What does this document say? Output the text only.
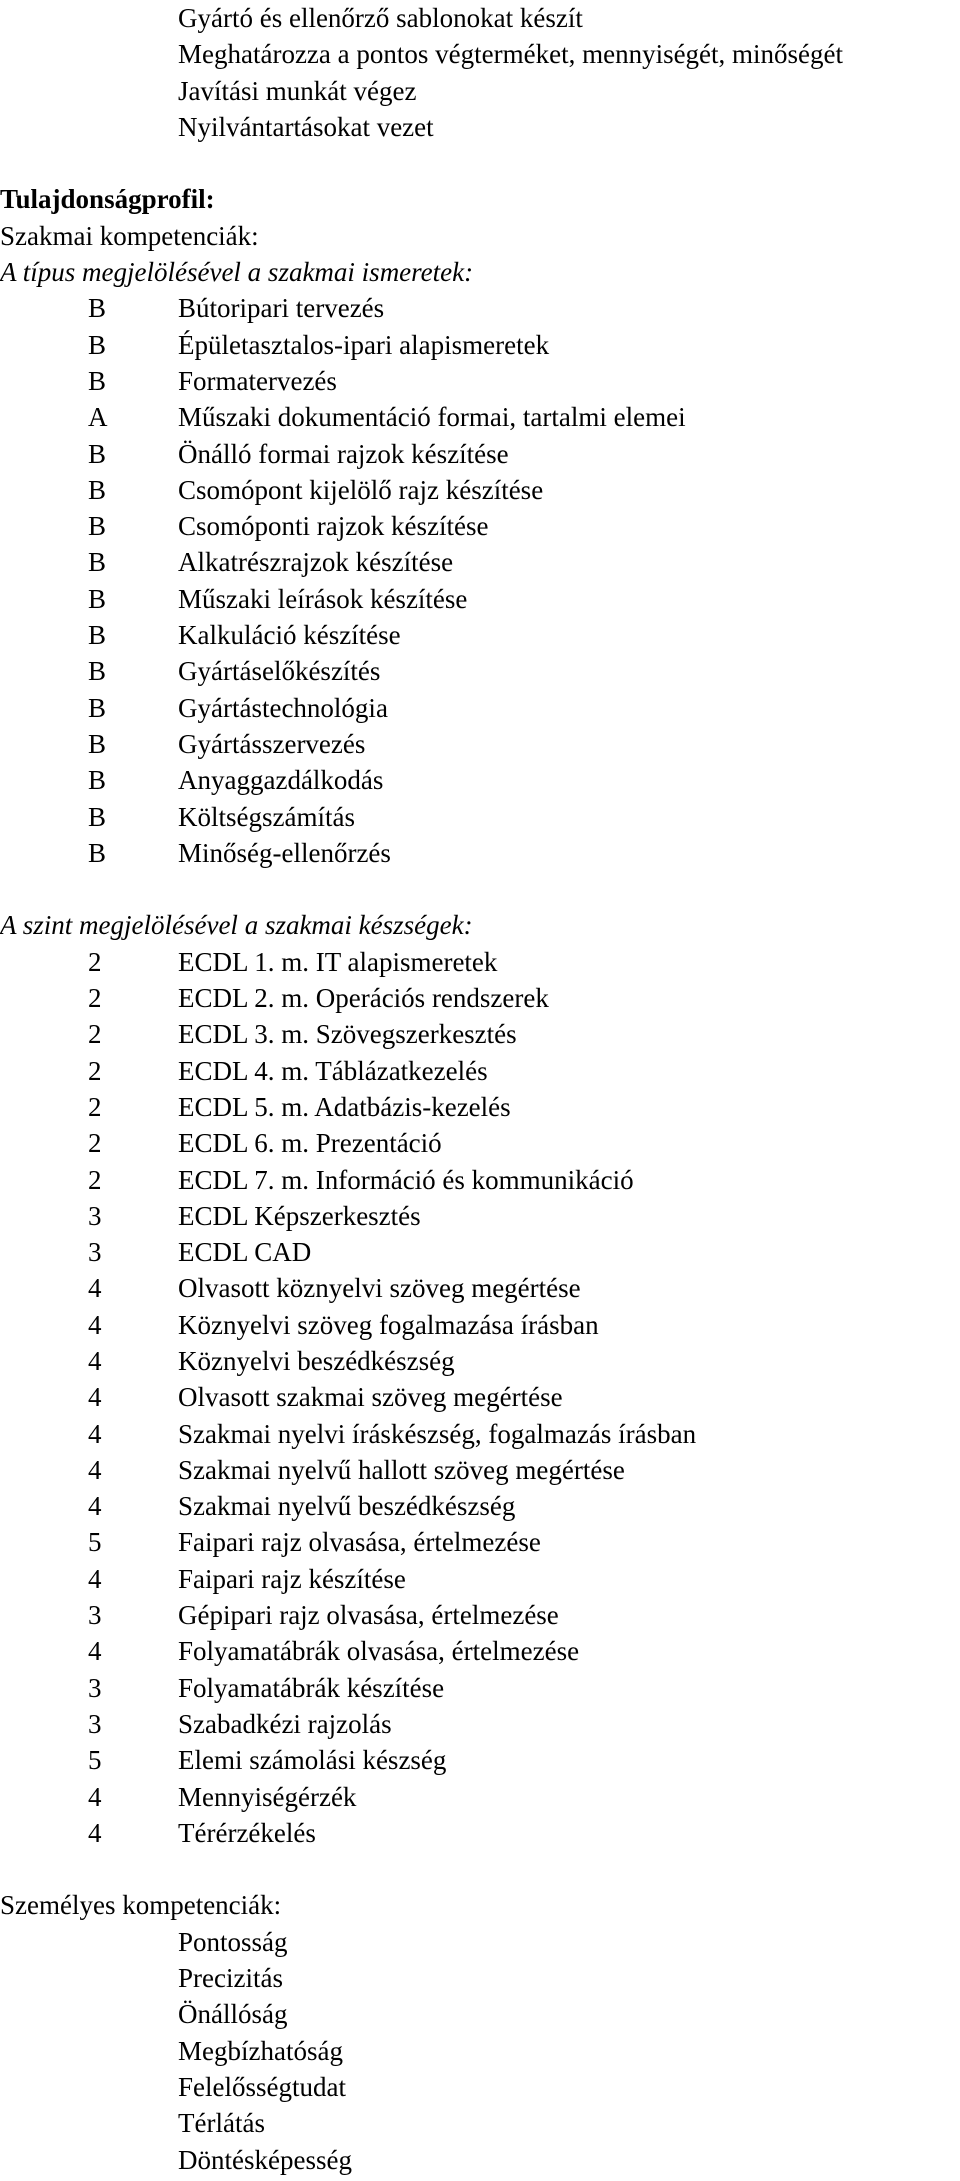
Gyártó és ellenőrző sablonokat készít
Meghatározza a pontos végterméket, mennyiségét, minőségét
Javítási munkát végez
Nyilvántartásokat vezet
Tulajdonságprofil:
Szakmai kompetenciák:
A típus megjelölésével a szakmai ismeretek:
B	Bútoripari tervezés
B	Épületasztalos-ipari alapismeretek
B	Formatervezés
A	Műszaki dokumentáció formai, tartalmi elemei
B	Önálló formai rajzok készítése
B	Csomópont kijelölő rajz készítése
B	Csomóponti rajzok készítése
B	Alkatrészrajzok készítése
B	Műszaki leírások készítése
B	Kalkuláció készítése
B	Gyártáselőkészítés
B	Gyártástechnológia
B	Gyártásszervezés
B	Anyaggazdálkodás
B	Költségszámítás
B	Minőség-ellenőrzés
A szint megjelölésével a szakmai készségek:
2	ECDL 1. m. IT alapismeretek
2	ECDL 2. m. Operációs rendszerek
2	ECDL 3. m. Szövegszerkesztés
2	ECDL 4. m. Táblázatkezelés
2	ECDL 5. m. Adatbázis-kezelés
2	ECDL 6. m. Prezentáció
2	ECDL 7. m. Információ és kommunikáció
3	ECDL Képszerkesztés
3	ECDL CAD
4	Olvasott köznyelvi szöveg megértése
4	Köznyelvi szöveg fogalmazása írásban
4	Köznyelvi beszédkészség
4	Olvasott szakmai szöveg megértése
4	Szakmai nyelvi íráskészség, fogalmazás írásban
4	Szakmai nyelvű hallott szöveg megértése
4	Szakmai nyelvű beszédkészség
5	Faipari rajz olvasása, értelmezése
4	Faipari rajz készítése
3	Gépipari rajz olvasása, értelmezése
4	Folyamatábrák olvasása, értelmezése
3	Folyamatábrák készítése
3	Szabadkézi rajzolás
5	Elemi számolási készség
4	Mennyiségérzék
4	Térérzékelés
Személyes kompetenciák:
Pontosság
Precizitás
Önállóság
Megbízhatóság
Felelősségtudat
Térlátás
Döntésképesség
